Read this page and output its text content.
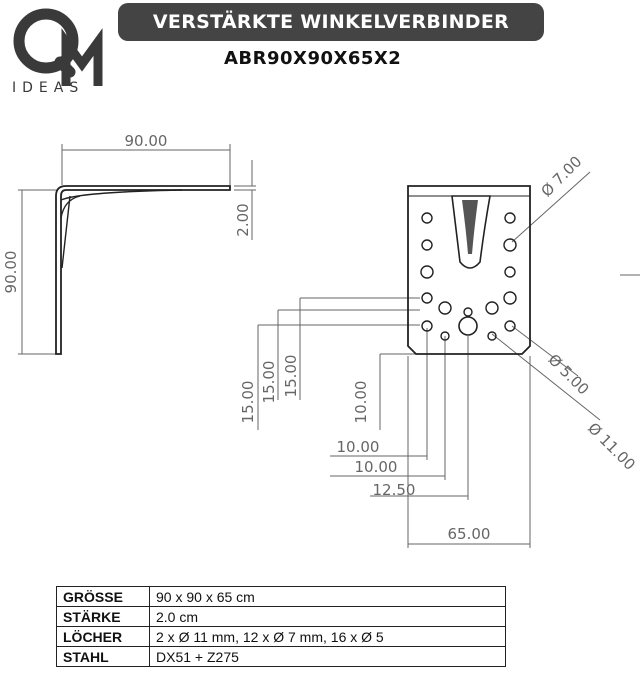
IDEAS
VERSTÄRKTE WINKELVERBINDER
ABR90X90X65X2
90.00
90.00
2.00
Ø 7.00
Ø 5.00
Ø 11.00
15.00
15.00
15.00	10.00
10.00
10.00
12.50
65.00
GRÖSSE	90 x 90 x 65 cm
STÄRKE	2.0 cm
LÖCHER	2 x Ø 11 mm, 12 x Ø 7 mm, 16 x Ø 5
STAHL	DX51 + Z275
